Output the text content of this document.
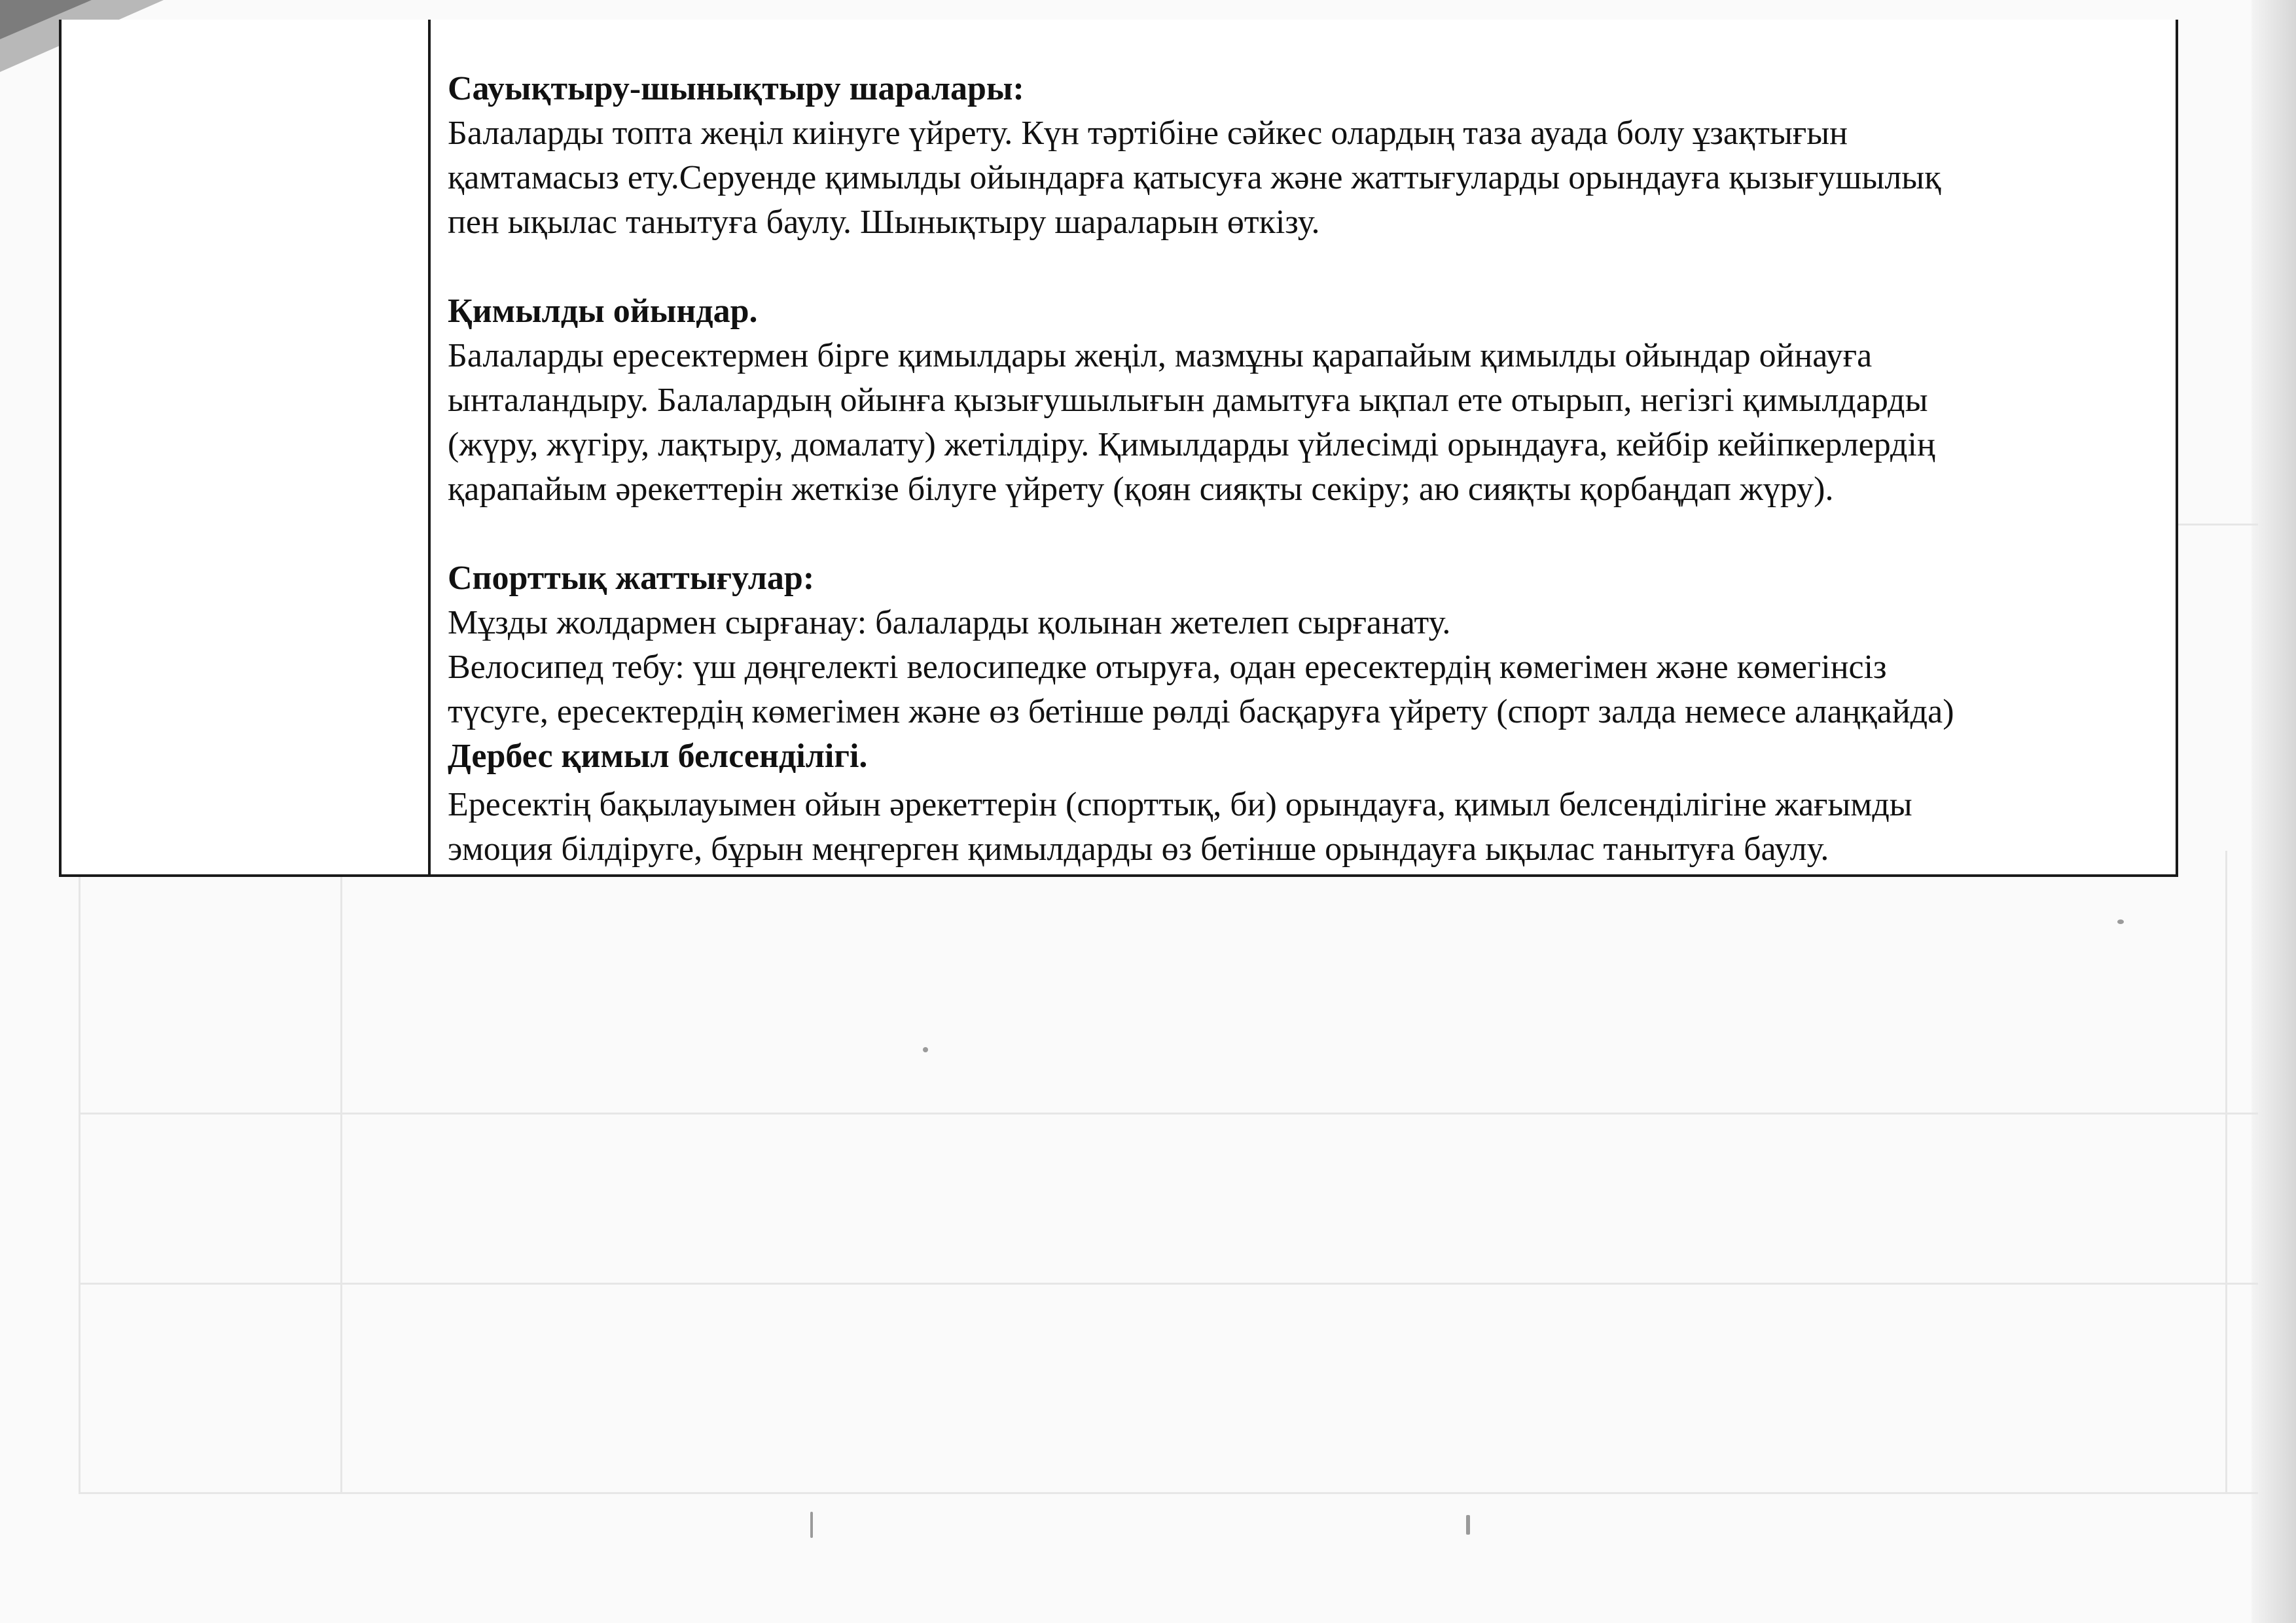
Сауықтыру-шынықтыру шаралары:

Балаларды топта жеңіл киінуге үйрету. Күн тәртібіне сәйкес олардың таза ауада болу ұзақтығын
қамтамасыз ету.Серуенде қимылды ойындарға қатысуға және жаттығуларды орындауға қызығушылық
пен ықылас танытуға баулу. Шынықтыру шараларын өткізу.

Қимылды ойындар.

Балаларды ересектермен бірге қимылдары жеңіл, мазмұны қарапайым қимылды ойындар ойнауға
ынталандыру. Балалардың ойынға қызығушылығын дамытуға ықпал ете отырып, негізгі қимылдарды
(жүру, жүгіру, лақтыру, домалату) жетілдіру. Қимылдарды үйлесімді орындауға, кейбір кейіпкерлердің
қарапайым әрекеттерін жеткізе білуге үйрету (қоян сияқты секіру; аю сияқты қорбаңдап жүру).

Спорттық жаттығулар:

Мұзды жолдармен сырғанау: балаларды қолынан жетелеп сырғанату.
Велосипед тебу: үш дөңгелекті велосипедке отыруға, одан ересектердің көмегімен және көмегінсіз
түсуге, ересектердің көмегімен және өз бетінше рөлді басқаруға үйрету (спорт залда немесе алаңқайда)

Дербес қимыл белсенділігі.

Ересектің бақылауымен ойын әрекеттерін (спорттық, би) орындауға, қимыл белсенділігіне жағымды
эмоция білдіруге, бұрын меңгерген қимылдарды өз бетінше орындауға ықылас танытуға баулу.
